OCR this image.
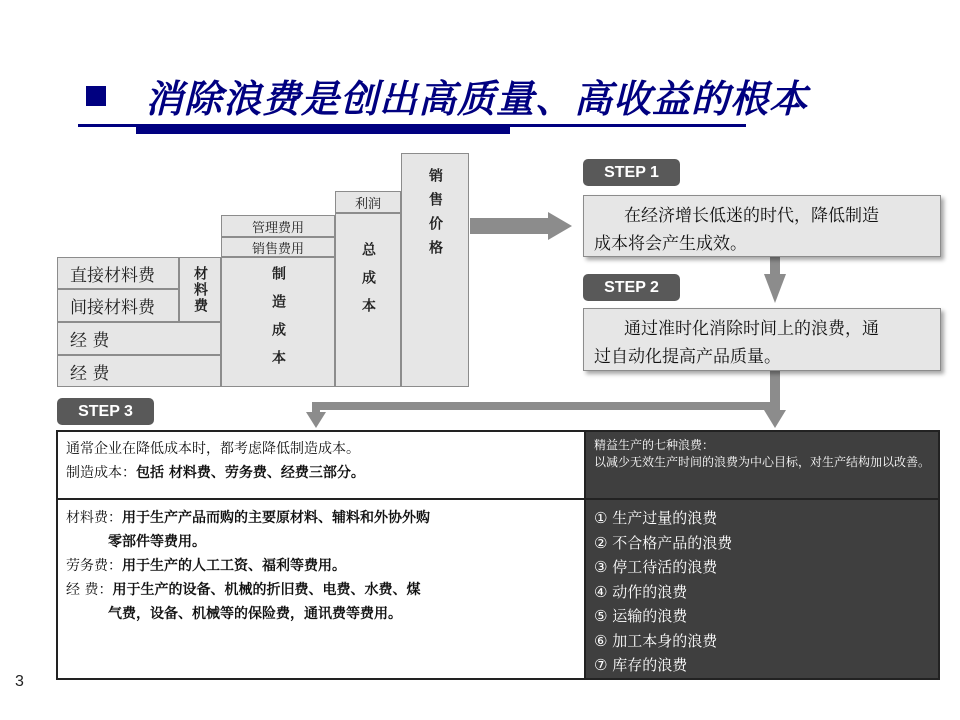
消除浪费是创出高质量、高收益的根本
直接材料费
间接材料费	材料费
经 费
经 费
管理费用
销售费用
制造成本
利润
总成本
销售价格	STEP 1
在经济增长低迷的时代，降低制造
成本将会产生成效。
STEP 2
通过准时化消除时间上的浪费，通
过自动化提高产品质量。
STEP 3
通常企业在降低成本时，都考虑降低制造成本。
制造成本：包括 材料费、劳务费、经费三部分。
材料费：用于生产产品而购的主要原材料、辅料和外协外购
零部件等费用。
劳务费：用于生产的人工工资、福利等费用。
经 费：用于生产的设备、机械的折旧费、电费、水费、煤
气费，设备、机械等的保险费，通讯费等费用。
精益生产的七种浪费：
以减少无效生产时间的浪费为中心目标，对生产结构加以改善。
① 生产过量的浪费
② 不合格产品的浪费
③ 停工待活的浪费
④ 动作的浪费
⑤ 运输的浪费
⑥ 加工本身的浪费
⑦ 库存的浪费
3
